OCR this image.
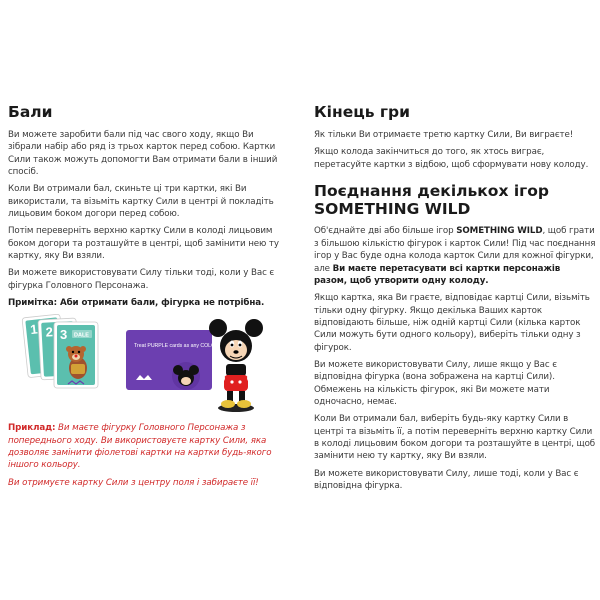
Бали

Ви можете заробити бали під час свого ходу, якщо Ви зібрали набір або ряд із трьох карток перед собою. Картки Сили також можуть допомогти Вам отримати бали в інший спосіб.

Коли Ви отримали бал, скиньте ці три картки, які Ви використали, та візьміть картку Сили в центрі й покладіть лицьовим боком догори перед собою.

Потім переверніть верхню картку Сили в колоді лицьовим боком догори та розташуйте в центрі, щоб замінити нею ту картку, яку Ви взяли.

Ви можете використовувати Силу тільки тоді, коли у Вас є фігурка Головного Персонажа.

Примітка: Аби отримати бали, фігурка не потрібна.

1 2 3 DALE
Treat PURPLE cards as any COLOR.

Приклад: Ви маєте фігурку Головного Персонажа з попереднього ходу. Ви використовуєте картку Сили, яка дозволяє замінити фіолетові картки на картки будь-якого іншого кольору.

Ви отримуєте картку Сили з центру поля і забираєте її!

Кінець гри

Як тільки Ви отримаєте третю картку Сили, Ви виграєте!

Якщо колода закінчиться до того, як хтось виграє, перетасуйте картки з відбою, щоб сформувати нову колоду.

Поєднання декількох ігор
SOMETHING WILD

Об'єднайте дві або більше ігор SOMETHING WILD, щоб грати з більшою кількістю фігурок і карток Сили! Під час поєднання ігор у Вас буде одна колода карток Сили для кожної фігурки, але Ви маєте перетасувати всі картки персонажів разом, щоб утворити одну колоду.

Якщо картка, яка Ви граєте, відповідає картці Сили, візьміть тільки одну фігурку. Якщо декілька Ваших карток відповідають більше, ніж одній картці Сили (кілька карток Сили можуть бути одного кольору), виберіть тільки одну з фігурок.

Ви можете використовувати Силу, лише якщо у Вас є відповідна фігурка (вона зображена на картці Сили). Обмежень на кількість фігурок, які Ви можете мати одночасно, немає.

Коли Ви отримали бал, виберіть будь-яку картку Сили в центрі та візьміть її, а потім переверніть верхню картку Сили в колоді лицьовим боком догори та розташуйте в центрі, щоб замінити нею ту картку, яку Ви взяли.

Ви можете використовувати Силу, лише тоді, коли у Вас є відповідна фігурка.
